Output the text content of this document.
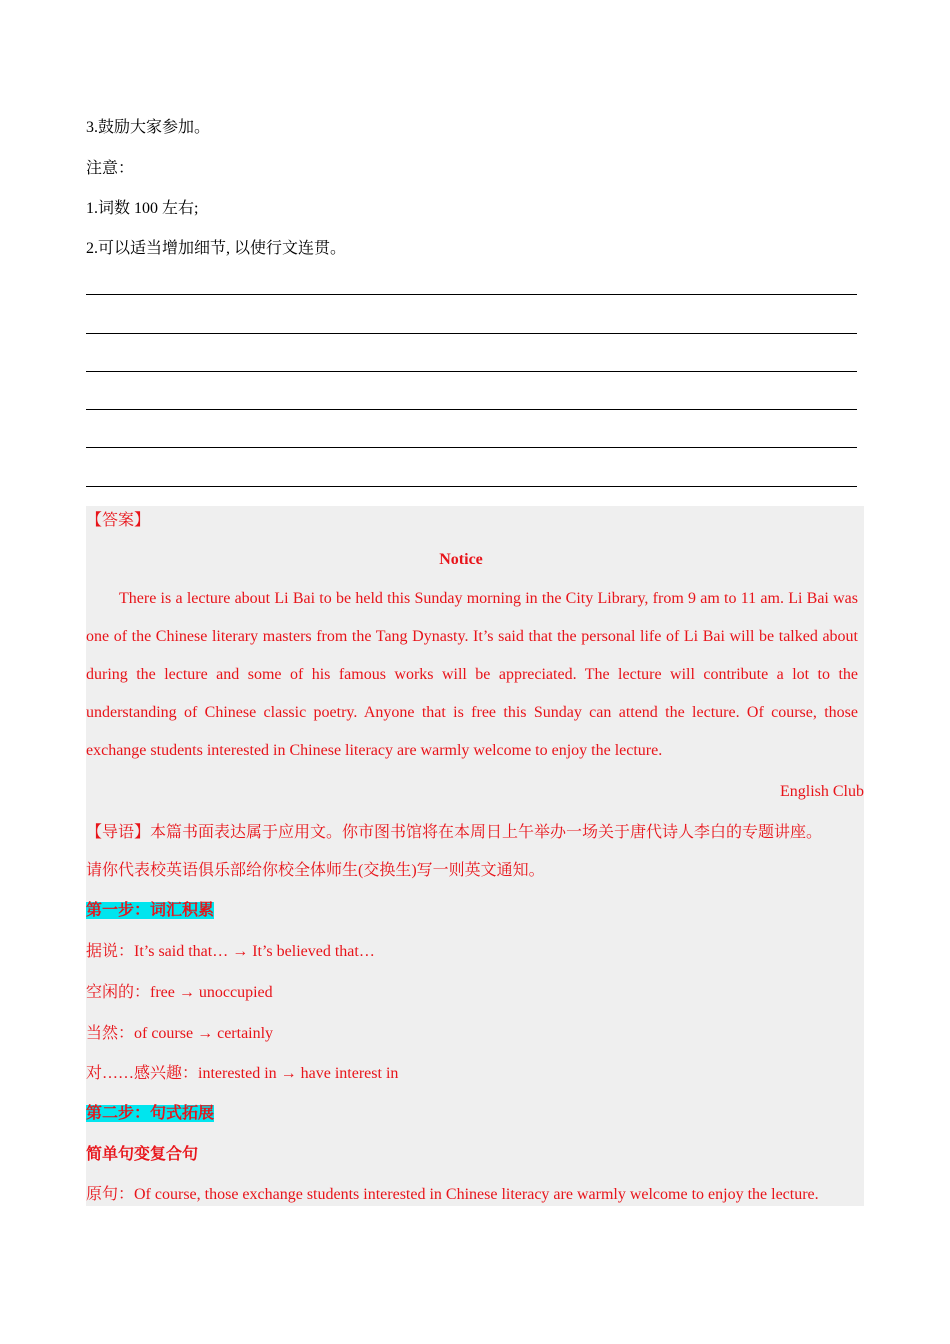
3.鼓励大家参加。
注意：
1.词数 100 左右;
2.可以适当增加细节, 以使行文连贯。
【答案】
Notice
There is a lecture about Li Bai to be held this Sunday morning in the City Library, from 9 am to 11 am. Li Bai was one of the Chinese literary masters from the Tang Dynasty. It’s said that the personal life of Li Bai will be talked about during the lecture and some of his famous works will be appreciated. The lecture will contribute a lot to the understanding of Chinese classic poetry. Anyone that is free this Sunday can attend the lecture. Of course, those exchange students interested in Chinese literacy are warmly welcome to enjoy the lecture.
English Club
【导语】本篇书面表达属于应用文。你市图书馆将在本周日上午举办一场关于唐代诗人李白的专题讲座。
请你代表校英语俱乐部给你校全体师生(交换生)写一则英文通知。
第一步：词汇积累
据说：It’s said that… → It’s believed that…
空闲的：free → unoccupied
当然：of course → certainly
对……感兴趣：interested in → have interest in
第二步：句式拓展
简单句变复合句
原句：Of course, those exchange students interested in Chinese literacy are warmly welcome to enjoy the lecture.
